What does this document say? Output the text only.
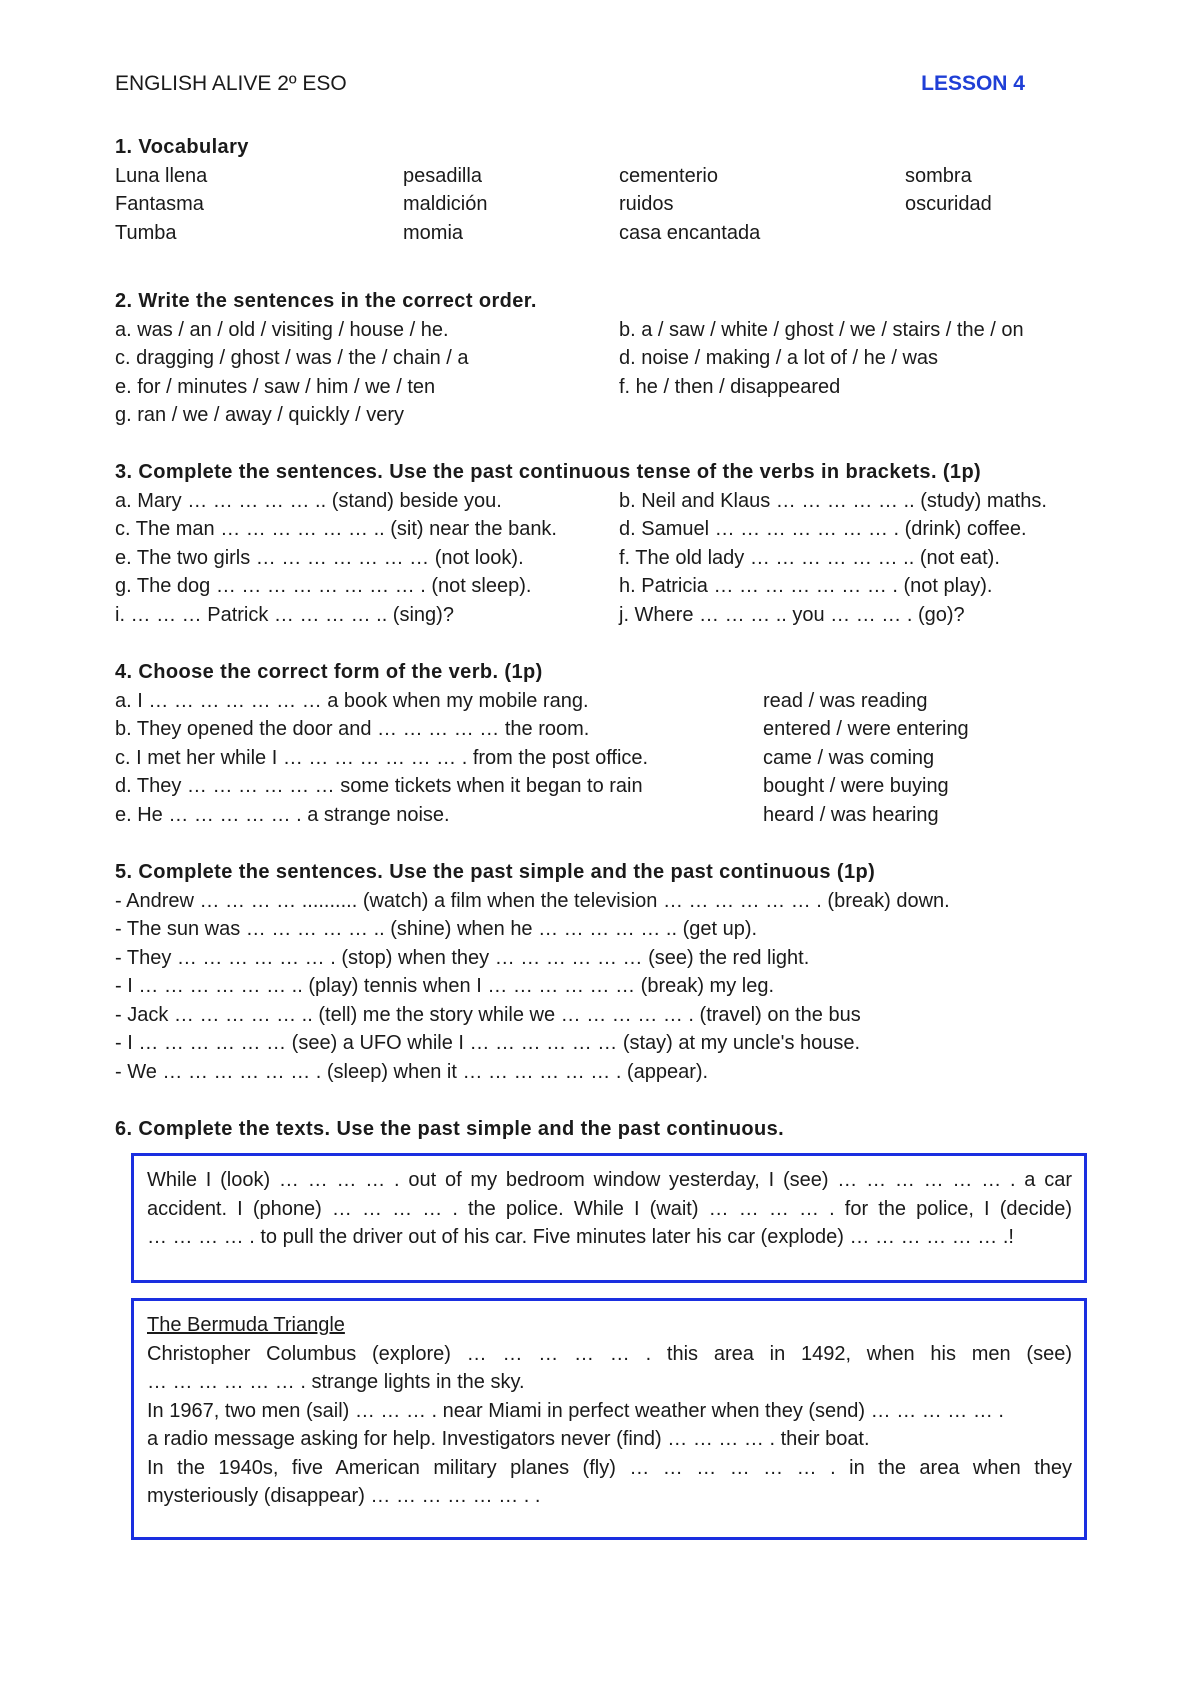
ENGLISH ALIVE 2º ESO	LESSON 4
1. Vocabulary
Luna llena	pesadilla	cementerio	sombra
Fantasma	maldición	ruidos	oscuridad
Tumba	momia	casa encantada
2. Write the sentences in the correct order.
a. was / an / old / visiting / house / he.	b. a / saw / white / ghost / we / stairs / the / on
c. dragging / ghost / was / the / chain / a	d. noise / making / a lot of / he / was
e. for / minutes / saw / him / we / ten	f. he / then / disappeared
g. ran / we / away / quickly / very
3. Complete the sentences. Use the past continuous tense of the verbs in brackets. (1p)
a. Mary … … … … … .. (stand) beside you.	b. Neil and Klaus … … … … … .. (study) maths.
c. The man … … … … … … .. (sit) near the bank.	d. Samuel … … … … … … … . (drink) coffee.
e. The two girls … … … … … … … (not look).	f. The old lady … … … … … … .. (not eat).
g. The dog … … … … … … … … . (not sleep).	h. Patricia … … … … … … … . (not play).
i. … … … Patrick … … … … .. (sing)?	j. Where … … … .. you … … … . (go)?
4. Choose the correct form of the verb. (1p)
a. I … … … … … … … a book when my mobile rang.	read / was reading
b. They opened the door and … … … … … the room.	entered / were entering
c. I met her while I … … … … … … … . from the post office.	came / was coming
d. They … … … … … … some tickets when it began to rain	bought / were buying
e. He … … … … … . a strange noise.	heard / was hearing
5. Complete the sentences. Use the past simple and the past continuous (1p)
- Andrew … … … … .......... (watch) a film when the television … … … … … … . (break) down.
- The sun was … … … … … .. (shine) when he … … … … … .. (get up).
- They … … … … … … . (stop) when they … … … … … … (see) the red light.
- I … … … … … … .. (play) tennis when I … … … … … … (break) my leg.
- Jack … … … … … .. (tell) me the story while we … … … … … . (travel) on the bus
- I … … … … … … (see) a UFO while I … … … … … … (stay) at my uncle's house.
- We … … … … … … . (sleep) when it … … … … … … . (appear).
6. Complete the texts. Use the past simple and the past continuous.
While I (look) … … … … . out of my bedroom window yesterday, I (see) … … … … … … . a car
accident. I (phone) … … … … . the police. While I (wait) … … … … . for the police, I (decide)
… … … … . to pull the driver out of his car. Five minutes later his car (explode) … … … … … … .!
The Bermuda Triangle
Christopher Columbus (explore) … … … … … . this area in 1492, when his men (see)
… … … … … … . strange lights in the sky.
In 1967, two men (sail) … … … . near Miami in perfect weather when they (send) … … … … … .
a radio message asking for help. Investigators never (find) … … … … . their boat.
In the 1940s, five American military planes (fly) … … … … … … . in the area when they
mysteriously (disappear) … … … … … … . .
